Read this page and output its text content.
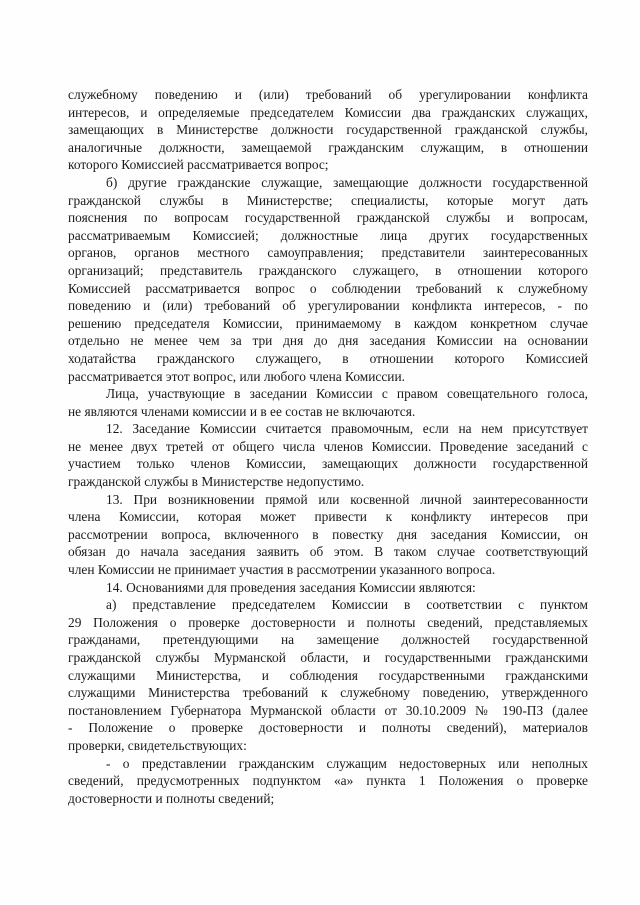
служебному поведению и (или) требований об урегулировании конфликта
интересов, и определяемые председателем Комиссии два гражданских служащих,
замещающих в Министерстве должности государственной гражданской службы,
аналогичные должности, замещаемой гражданским служащим, в отношении
которого Комиссией рассматривается вопрос;
б) другие гражданские служащие, замещающие должности государственной
гражданской службы в Министерстве; специалисты, которые могут дать
пояснения по вопросам государственной гражданской службы и вопросам,
рассматриваемым Комиссией; должностные лица других государственных
органов, органов местного самоуправления; представители заинтересованных
организаций; представитель гражданского служащего, в отношении которого
Комиссией рассматривается вопрос о соблюдении требований к служебному
поведению и (или) требований об урегулировании конфликта интересов, - по
решению председателя Комиссии, принимаемому в каждом конкретном случае
отдельно не менее чем за три дня до дня заседания Комиссии на основании
ходатайства гражданского служащего, в отношении которого Комиссией
рассматривается этот вопрос, или любого члена Комиссии.
Лица, участвующие в заседании Комиссии с правом совещательного голоса,
не являются членами комиссии и в ее состав не включаются.
12. Заседание Комиссии считается правомочным, если на нем присутствует
не менее двух третей от общего числа членов Комиссии. Проведение заседаний с
участием только членов Комиссии, замещающих должности государственной
гражданской службы в Министерстве недопустимо.
13. При возникновении прямой или косвенной личной заинтересованности
члена Комиссии, которая может привести к конфликту интересов при
рассмотрении вопроса, включенного в повестку дня заседания Комиссии, он
обязан до начала заседания заявить об этом. В таком случае соответствующий
член Комиссии не принимает участия в рассмотрении указанного вопроса.
14. Основаниями для проведения заседания Комиссии являются:
а) представление председателем Комиссии в соответствии с пунктом
29 Положения о проверке достоверности и полноты сведений, представляемых
гражданами, претендующими на замещение должностей государственной
гражданской службы Мурманской области, и государственными гражданскими
служащими Министерства, и соблюдения государственными гражданскими
служащими Министерства требований к служебному поведению, утвержденного
постановлением Губернатора Мурманской области от 30.10.2009 № 190-ПЗ (далее
- Положение о проверке достоверности и полноты сведений), материалов
проверки, свидетельствующих:
- о представлении гражданским служащим недостоверных или неполных
сведений, предусмотренных подпунктом «а» пункта 1 Положения о проверке
достоверности и полноты сведений;
